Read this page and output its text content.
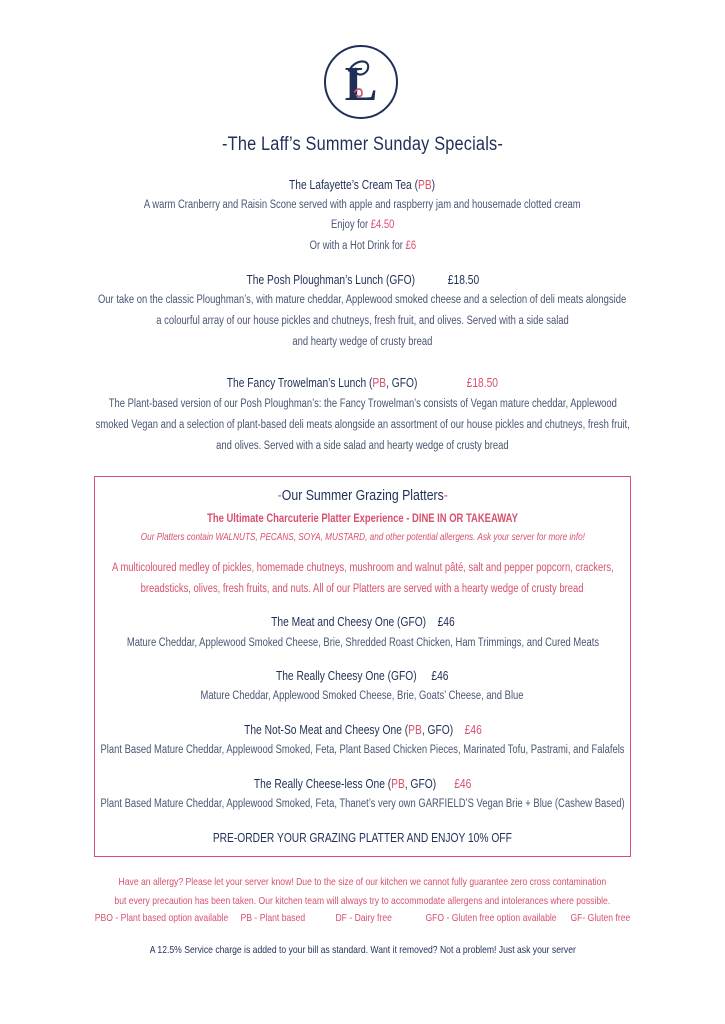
L
-The Laff’s Summer Sunday Specials-
The Lafayette’s Cream Tea (PB)
A warm Cranberry and Raisin Scone served with apple and raspberry jam and housemade clotted cream
Enjoy for £4.50
Or with a Hot Drink for £6
The Posh Ploughman’s Lunch (GFO)	£18.50
Our take on the classic Ploughman’s, with mature cheddar, Applewood smoked cheese and a selection of deli meats alongside
a colourful array of our house pickles and chutneys, fresh fruit, and olives. Served with a side salad
and hearty wedge of crusty bread
The Fancy Trowelman’s Lunch (PB, GFO)	£18.50
The Plant-based version of our Posh Ploughman’s: the Fancy Trowelman’s consists of Vegan mature cheddar, Applewood
smoked Vegan and a selection of plant-based deli meats alongside an assortment of our house pickles and chutneys, fresh fruit,
and olives. Served with a side salad and hearty wedge of crusty bread
-Our Summer Grazing Platters-
The Ultimate Charcuterie Platter Experience - DINE IN OR TAKEAWAY
Our Platters contain WALNUTS, PECANS, SOYA, MUSTARD, and other potential allergens. Ask your server for more info!
A multicoloured medley of pickles, homemade chutneys, mushroom and walnut pâté, salt and pepper popcorn, crackers,
breadsticks, olives, fresh fruits, and nuts. All of our Platters are served with a hearty wedge of crusty bread
The Meat and Cheesy One (GFO) £46
Mature Cheddar, Applewood Smoked Cheese, Brie, Shredded Roast Chicken, Ham Trimmings, and Cured Meats
The Really Cheesy One (GFO) £46
Mature Cheddar, Applewood Smoked Cheese, Brie, Goats’ Cheese, and Blue
The Not-So Meat and Cheesy One (PB, GFO) £46
Plant Based Mature Cheddar, Applewood Smoked, Feta, Plant Based Chicken Pieces, Marinated Tofu, Pastrami, and Falafels
The Really Cheese-less One (PB, GFO) £46
Plant Based Mature Cheddar, Applewood Smoked, Feta, Thanet’s very own GARFIELD’S Vegan Brie + Blue (Cashew Based)
PRE-ORDER YOUR GRAZING PLATTER AND ENJOY 10% OFF
Have an allergy? Please let your server know! Due to the size of our kitchen we cannot fully guarantee zero cross contamination
but every precaution has been taken. Our kitchen team will always try to accommodate allergens and intolerances where possible.
PBO - Plant based option available PB - Plant based	DF - Dairy free	GFO - Gluten free option available GF- Gluten free
A 12.5% Service charge is added to your bill as standard. Want it removed? Not a problem! Just ask your server
